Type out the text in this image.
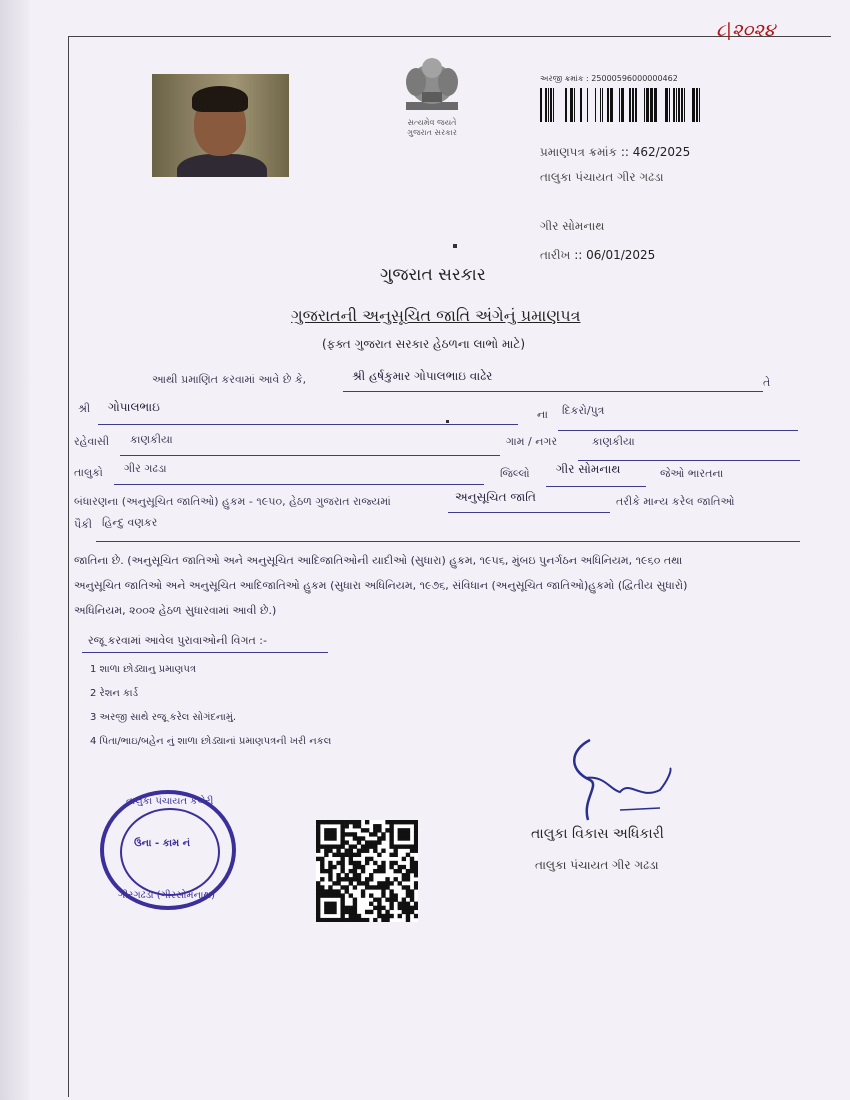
૮|૨૦૨૪
સત્યમેવ જયતે
ગુજરાત સરકાર
અરજી ક્રમાંક : 25000596000000462
પ્રમાણપત્ર ક્રમાંક :: 462/2025
તાલુકા પંચાયત ગીર ગઢડા
ગીર સોમનાથ
તારીખ :: 06/01/2025
ગુજરાત સરકાર
ગુજરાતની અનુસૂચિત જાતિ અંગેનું પ્રમાણપત્ર
(ફક્ત ગુજરાત સરકાર હેઠળના લાભો માટે)
આથી પ્રમાણિત કરવામાં આવે છે કે,	શ્રી હર્ષકુમાર ગોપાલભાઇ વાઢેર	તે
શ્રી ગોપાલભાઇ
ના દિકરો/પુત્ર
રહેવાસી કાણકીયા	ગામ / નગર	કાણકીયા
તાલુકો ગીર ગઢડા	જિલ્લો ગીર સોમનાથ	જેઓ ભારતના
બંધારણના (અનુસૂચિત જાતિઓ) હુકમ - ૧૯૫૦, હેઠળ ગુજરાત રાજ્યમાં	અનુસૂચિત જાતિ	તરીકે માન્ય કરેલ જાતિઓ
પૈકી હિન્દુ વણકર
જાતિના છે. (અનુસૂચિત જાતિઓ અને અનુસૂચિત આદિજાતિઓની યાદીઓ (સુધારા) હુકમ, ૧૯૫૬, મુંબઇ પુનર્ગઠન અધિનિયમ, ૧૯૬૦ તથા
અનુસૂચિત જાતિઓ અને અનુસૂચિત આદિજાતિઓ હુકમ (સુધારા અધિનિયમ, ૧૯૭૬, સંવિધાન (અનુસૂચિત જાતિઓ)હુકમો (દ્વિતીય સુધારો)
અધિનિયમ, ૨૦૦૨ હેઠળ સુધારવામાં આવી છે.)
રજૂ કરવામાં આવેલ પુરાવાઓની વિગત :-
1 શાળા છોડ્યાનુ પ્રમાણપત્ર
2 રેશન કાર્ડ
3 અરજી સાથે રજૂ કરેલ સોગંદનામું.
4 પિતા/ભાઇ/બહેન નું શાળા છોડ્યાનાં પ્રમાણપત્રની ખરી નકલ
તાલુકા પંચાયત કચેરી
ઉના - કામ નં
ગીરગઢડા (ગીરસોમનાથ)
તાલુકા વિકાસ અધિકારી
તાલુકા પંચાયત ગીર ગઢડા
